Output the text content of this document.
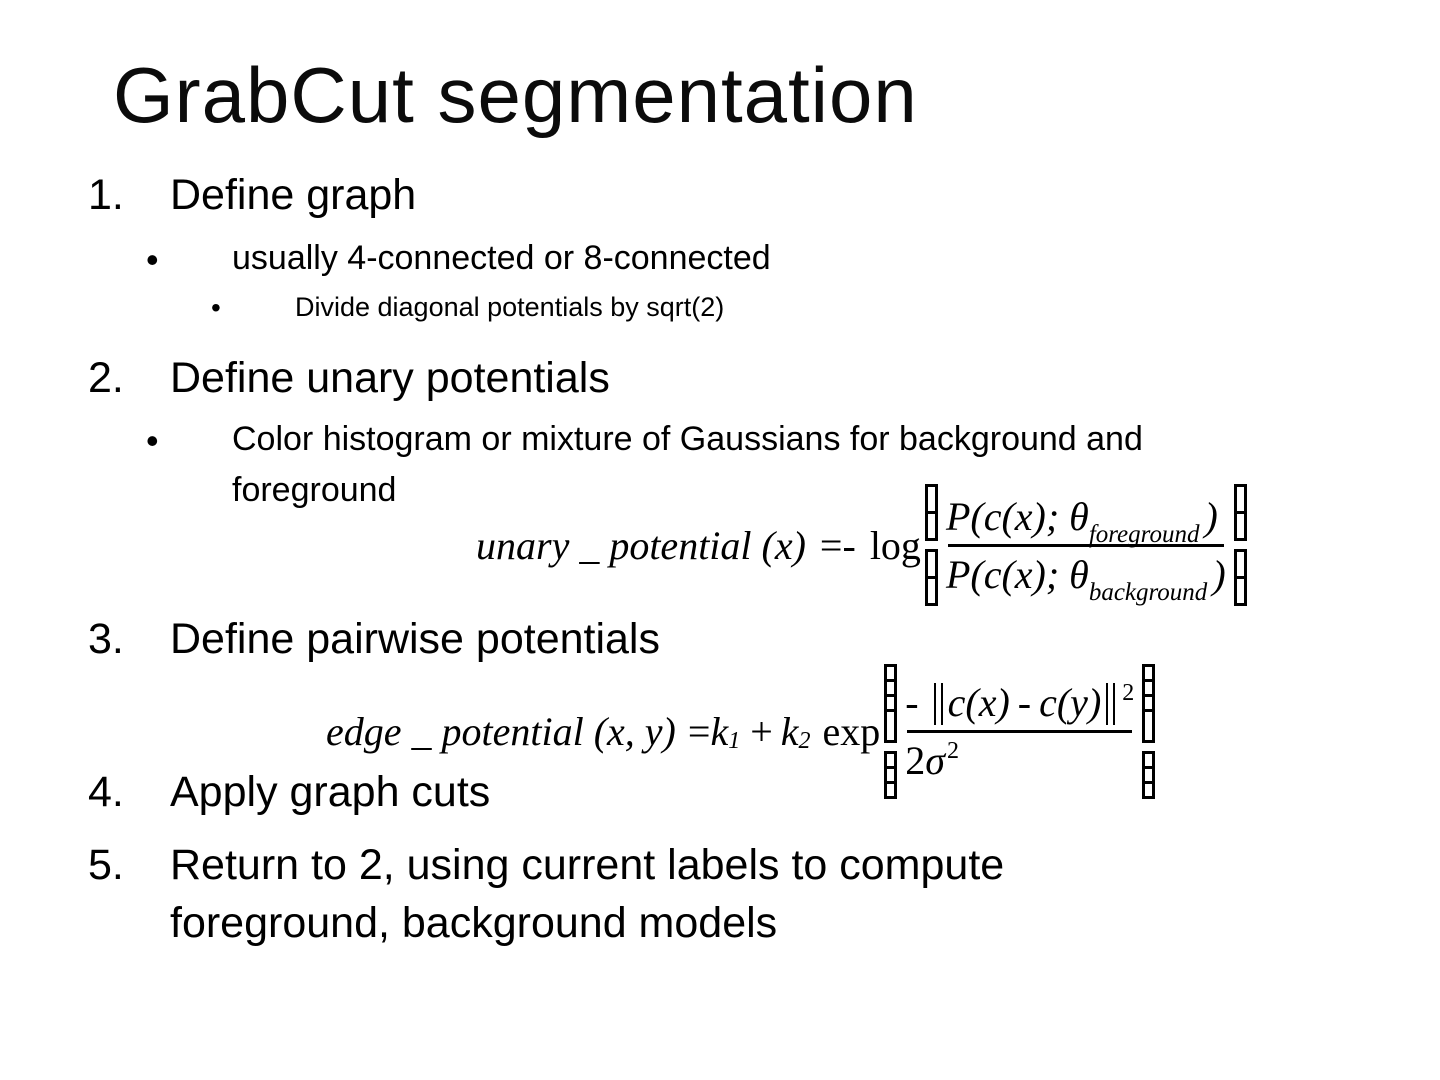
GrabCut segmentation
1.	Define graph
•	usually 4-connected or 8-connected
•	Divide diagonal potentials by sqrt(2)
2.	Define unary potentials
•	Color histogram or mixture of Gaussians for background and foreground
unary _ potential $(x) =- \log \frac{P(c(x); \theta_{foreground} )}{P(c(x); \theta_{background} )}$
3.	Define pairwise potentials
edge _ potential (x, y) = k 1 + k 2 $\exp \frac{- c(x) - c(y) ^2}{2\sigma^2}$
4.	Apply graph cuts
5.	Return to 2, using current labels to compute foreground, background models
